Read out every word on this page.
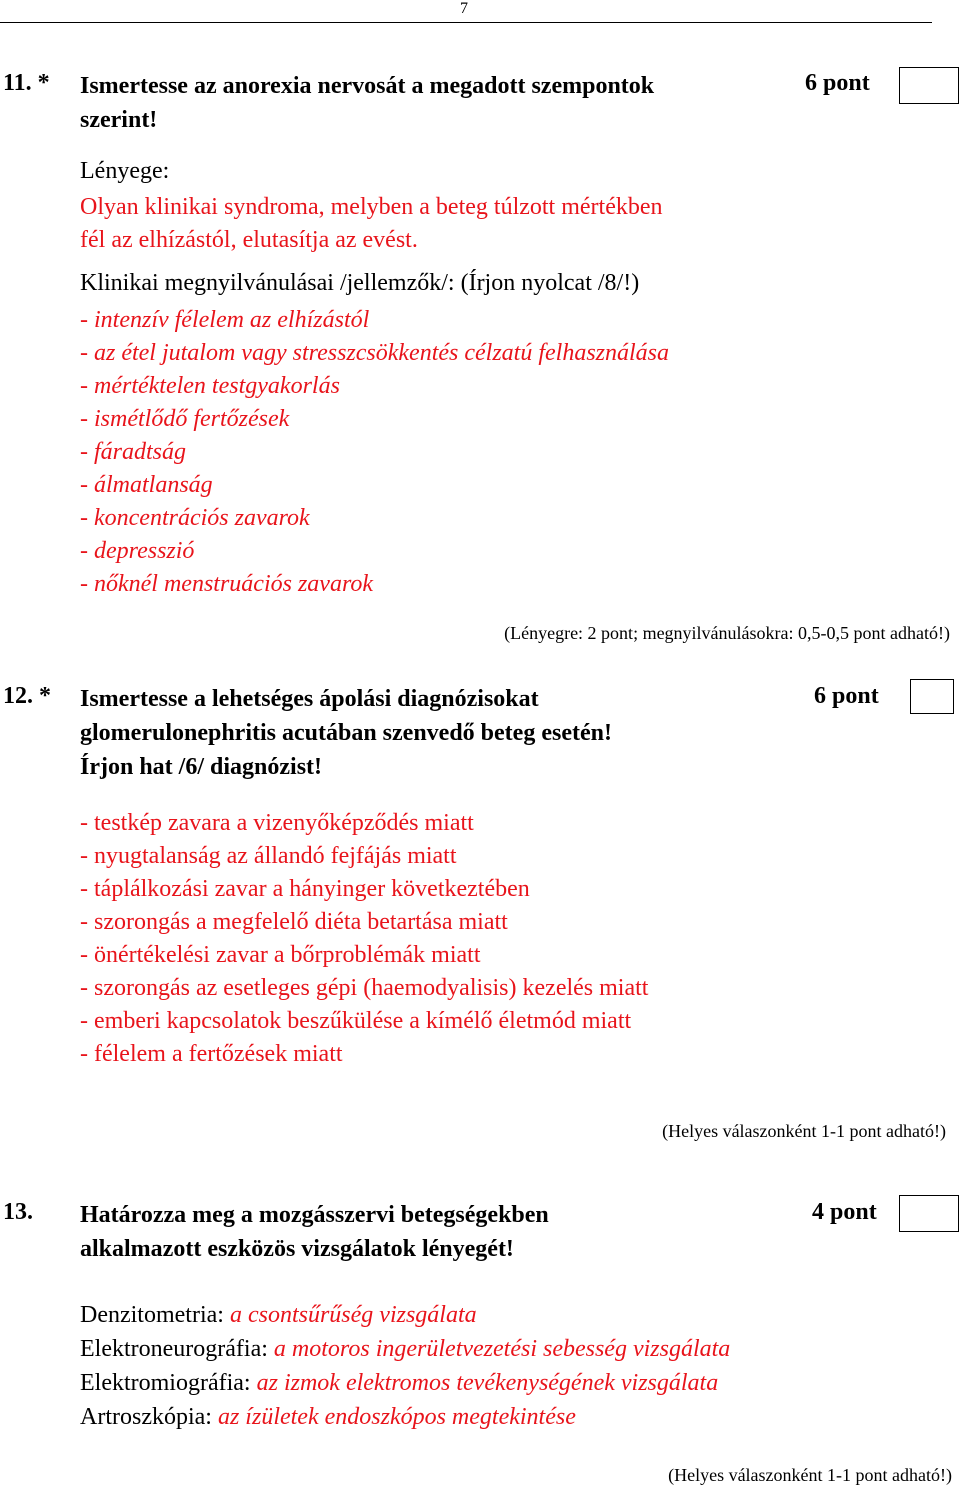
7
11. * Ismertesse az anorexia nervosát a megadott szempontok
szerint!
6 pont
Lényege:
Olyan klinikai syndroma, melyben a beteg túlzott mértékben
fél az elhízástól, elutasítja az evést.
Klinikai megnyilvánulásai /jellemzők/: (Írjon nyolcat /8/!)
- intenzív félelem az elhízástól
- az étel jutalom vagy stresszcsökkentés célzatú felhasználása
- mértéktelen testgyakorlás
- ismétlődő fertőzések
- fáradtság
- álmatlanság
- koncentrációs zavarok
- depresszió
- nőknél menstruációs zavarok
(Lényegre: 2 pont; megnyilvánulásokra: 0,5-0,5 pont adható!)
12. * Ismertesse a lehetséges ápolási diagnózisokat
glomerulonephritis acutában szenvedő beteg esetén!
Írjon hat /6/ diagnózist!
6 pont
- testkép zavara a vizenyőképződés miatt
- nyugtalanság az állandó fejfájás miatt
- táplálkozási zavar a hányinger következtében
- szorongás a megfelelő diéta betartása miatt
- önértékelési zavar a bőrproblémák miatt
- szorongás az esetleges gépi (haemodyalisis) kezelés miatt
- emberi kapcsolatok beszűkülése a kímélő életmód miatt
- félelem a fertőzések miatt
(Helyes válaszonként 1-1 pont adható!)
13. Határozza meg a mozgásszervi betegségekben
alkalmazott eszközös vizsgálatok lényegét!
4 pont
Denzitometria: a csontsűrűség vizsgálata
Elektroneurográfia: a motoros ingerületvezetési sebesség vizsgálata
Elektromiográfia: az izmok elektromos tevékenységének vizsgálata
Artroszkópia: az ízületek endoszkópos megtekintése
(Helyes válaszonként 1-1 pont adható!)
